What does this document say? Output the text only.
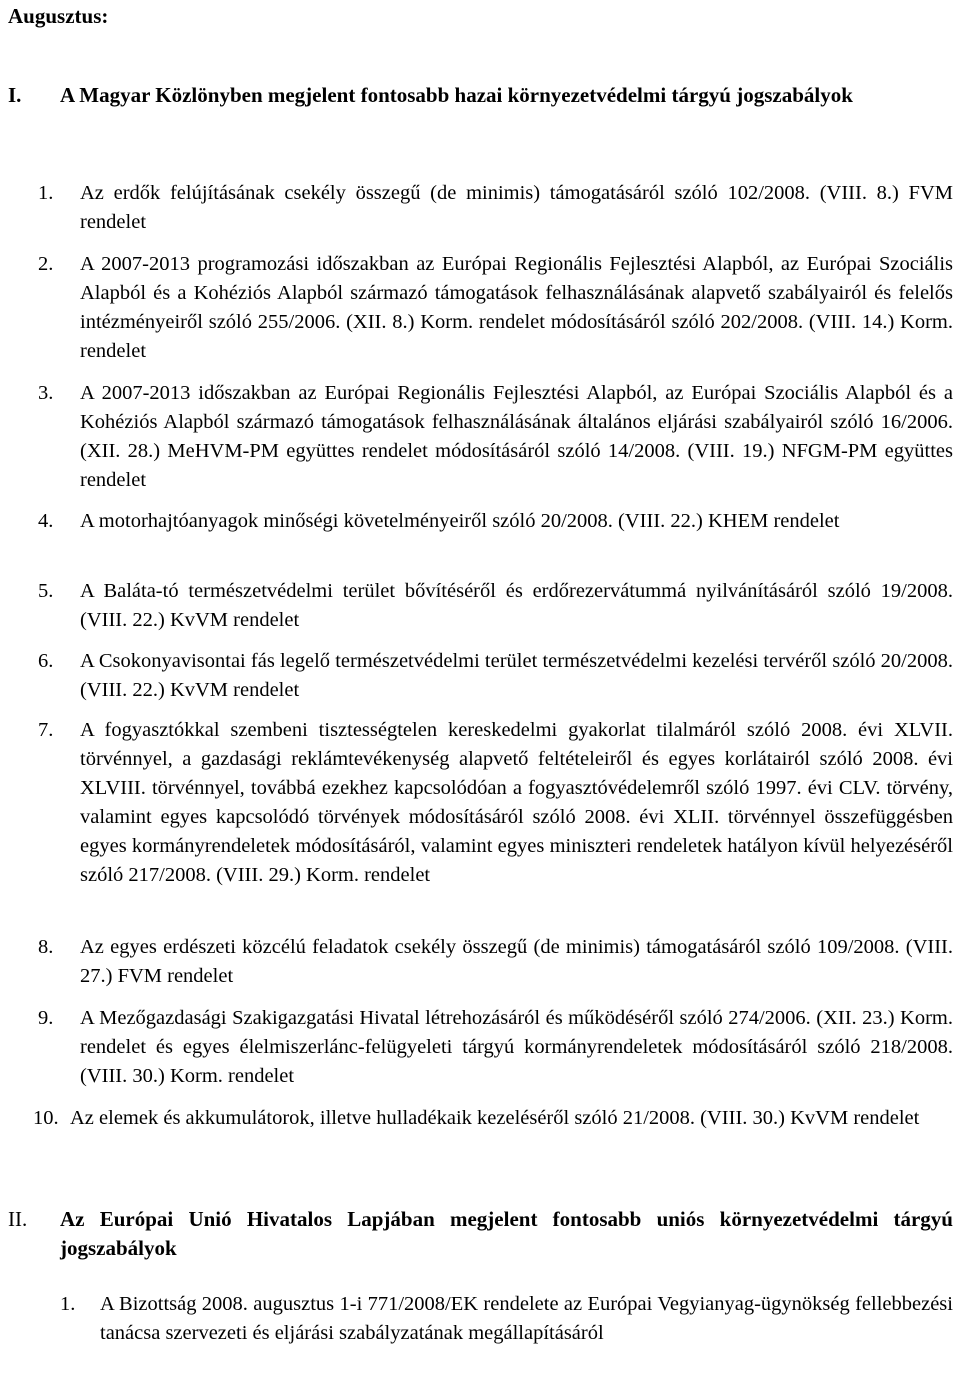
Augusztus:

I. A Magyar Közlönyben megjelent fontosabb hazai környezetvédelmi tárgyú jogszabályok

1. Az erdők felújításának csekély összegű (de minimis) támogatásáról szóló 102/2008. (VIII. 8.) FVM rendelet
2. A 2007-2013 programozási időszakban az Európai Regionális Fejlesztési Alapból, az Európai Szociális Alapból és a Kohéziós Alapból származó támogatások felhasználásának alapvető szabályairól és felelős intézményeiről szóló 255/2006. (XII. 8.) Korm. rendelet módosításáról szóló 202/2008. (VIII. 14.) Korm. rendelet
3. A 2007-2013 időszakban az Európai Regionális Fejlesztési Alapból, az Európai Szociális Alapból és a Kohéziós Alapból származó támogatások felhasználásának általános eljárási szabályairól szóló 16/2006. (XII. 28.) MeHVM-PM együttes rendelet módosításáról szóló 14/2008. (VIII. 19.) NFGM-PM együttes rendelet
4. A motorhajtóanyagok minőségi követelményeiről szóló 20/2008. (VIII. 22.) KHEM rendelet
5. A Baláta-tó természetvédelmi terület bővítéséről és erdőrezervátummá nyilvánításáról szóló 19/2008. (VIII. 22.) KvVM rendelet
6. A Csokonyavisontai fás legelő természetvédelmi terület természetvédelmi kezelési tervéről szóló 20/2008. (VIII. 22.) KvVM rendelet
7. A fogyasztókkal szembeni tisztességtelen kereskedelmi gyakorlat tilalmáról szóló 2008. évi XLVII. törvénnyel, a gazdasági reklámtevékenység alapvető feltételeiről és egyes korlátairól szóló 2008. évi XLVIII. törvénnyel, továbbá ezekhez kapcsolódóan a fogyasztóvédelemről szóló 1997. évi CLV. törvény, valamint egyes kapcsolódó törvények módosításáról szóló 2008. évi XLII. törvénnyel összefüggésben egyes kormányrendeletek módosításáról, valamint egyes miniszteri rendeletek hatályon kívül helyezéséről szóló 217/2008. (VIII. 29.) Korm. rendelet
8. Az egyes erdészeti közcélú feladatok csekély összegű (de minimis) támogatásáról szóló 109/2008. (VIII. 27.) FVM rendelet
9. A Mezőgazdasági Szakigazgatási Hivatal létrehozásáról és működéséről szóló 274/2006. (XII. 23.) Korm. rendelet és egyes élelmiszerlánc-felügyeleti tárgyú kormányrendeletek módosításáról szóló 218/2008. (VIII. 30.) Korm. rendelet
10. Az elemek és akkumulátorok, illetve hulladékaik kezeléséről szóló 21/2008. (VIII. 30.) KvVM rendelet

II. Az Európai Unió Hivatalos Lapjában megjelent fontosabb uniós környezetvédelmi tárgyú jogszabályok

1. A Bizottság 2008. augusztus 1-i 771/2008/EK rendelete az Európai Vegyianyag-ügynökség fellebbezési tanácsa szervezeti és eljárási szabályzatának megállapításáról
